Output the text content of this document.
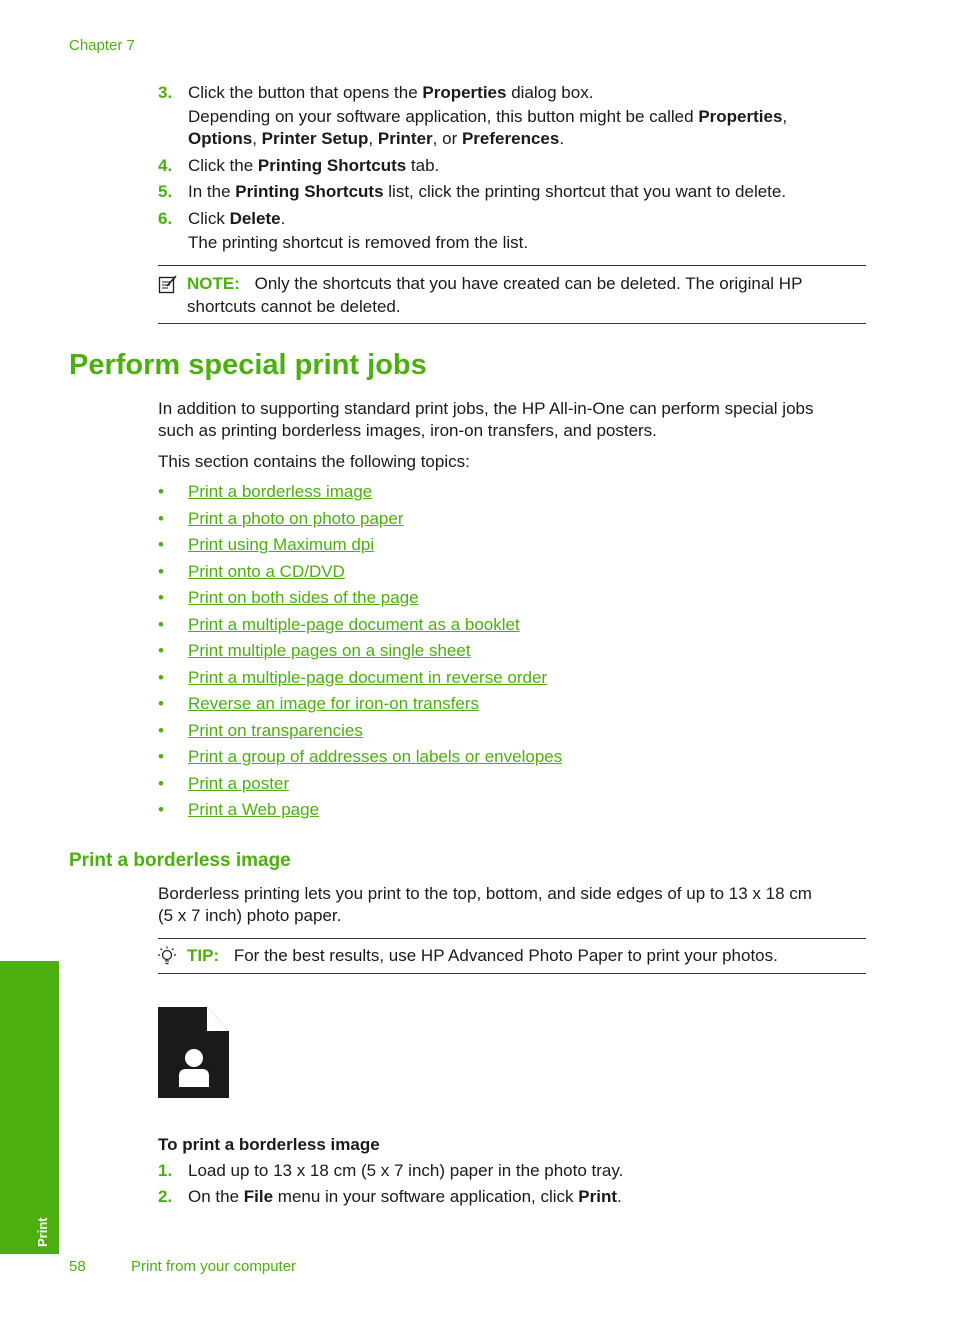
Chapter 7
3. Click the button that opens the Properties dialog box.
Depending on your software application, this button might be called Properties,
Options, Printer Setup, Printer, or Preferences.
4. Click the Printing Shortcuts tab.
5. In the Printing Shortcuts list, click the printing shortcut that you want to delete.
6. Click Delete.
The printing shortcut is removed from the list.
NOTE: Only the shortcuts that you have created can be deleted. The original HP
shortcuts cannot be deleted.
Perform special print jobs
In addition to supporting standard print jobs, the HP All-in-One can perform special jobs
such as printing borderless images, iron-on transfers, and posters.
This section contains the following topics:
• Print a borderless image
• Print a photo on photo paper
• Print using Maximum dpi
• Print onto a CD/DVD
• Print on both sides of the page
• Print a multiple-page document as a booklet
• Print multiple pages on a single sheet
• Print a multiple-page document in reverse order
• Reverse an image for iron-on transfers
• Print on transparencies
• Print a group of addresses on labels or envelopes
• Print a poster
• Print a Web page
Print a borderless image
Borderless printing lets you print to the top, bottom, and side edges of up to 13 x 18 cm
(5 x 7 inch) photo paper.
TIP: For the best results, use HP Advanced Photo Paper to print your photos.
To print a borderless image
1. Load up to 13 x 18 cm (5 x 7 inch) paper in the photo tray.
2. On the File menu in your software application, click Print.
Print
58	Print from your computer
